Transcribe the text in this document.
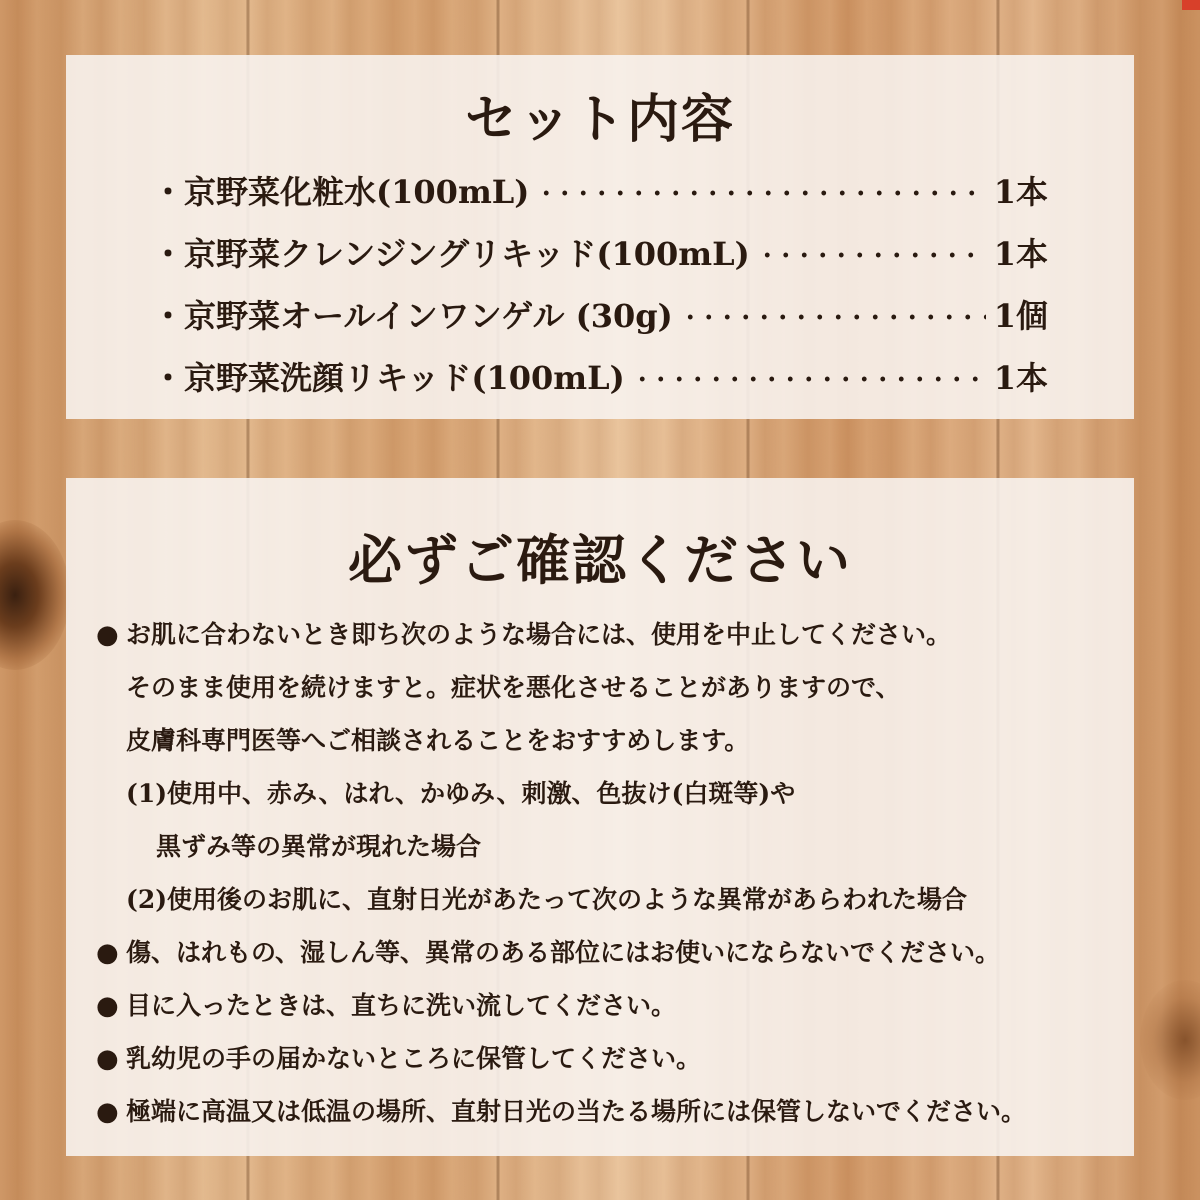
セット内容
・京野菜化粧水(100mL)	1本
・京野菜クレンジングリキッド(100mL)	1本
・京野菜オールインワンゲル (30g)	1個
・京野菜洗顔リキッド(100mL)	1本
必ずご確認ください
● お肌に合わないとき即ち次のような場合には、使用を中止してください。
そのまま使用を続けますと。症状を悪化させることがありますので、
皮膚科専門医等へご相談されることをおすすめします。
(1)使用中、赤み、はれ、かゆみ、刺激、色抜け(白斑等)や
黒ずみ等の異常が現れた場合
(2)使用後のお肌に、直射日光があたって次のような異常があらわれた場合
● 傷、はれもの、湿しん等、異常のある部位にはお使いにならないでください。
● 目に入ったときは、直ちに洗い流してください。
● 乳幼児の手の届かないところに保管してください。
● 極端に高温又は低温の場所、直射日光の当たる場所には保管しないでください。
